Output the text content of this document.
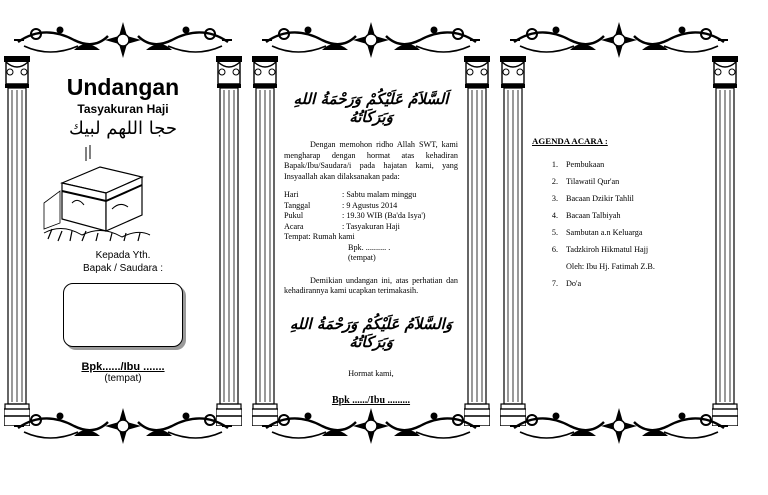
Undangan
Tasyakuran Haji
حجا اللهم لبيك
Kepada Yth.
Bapak / Saudara :
Bpk....../Ibu .......
(tempat)
اَلسَّلاَمُ عَلَيْكُمْ وَرَحْمَةُ اللهِ وَبَرَكَاتُهُ

Dengan memohon ridho Allah SWT, kami mengharap dengan hormat atas kehadiran Bapak/Ibu/Saudara/i pada hajatan kami, yang Insyaallah akan dilaksanakan pada:

Hari	: Sabtu malam minggu
Tanggal	: 9 Agustus 2014
Pukul	: 19.30 WIB (Ba'da Isya')
Acara	: Tasyakuran Haji
Tempat: Rumah kami
Bpk. .......... .
(tempat)

Demikian undangan ini, atas perhatian dan kehadirannya kami ucapkan terimakasih.

وَالسَّلاَمُ عَلَيْكُمْ وَرَحْمَةُ اللهِ وَبَرَكَاتُهُ
Hormat kami,
Bpk ....../Ibu .........
AGENDA ACARA :
1. Pembukaan
2. Tilawatil Qur'an
3. Bacaan Dzikir Tahlil
4. Bacaan Talbiyah
5. Sambutan a.n Keluarga
6. Tadzkiroh Hikmatul Hajj
Oleh: Ibu Hj. Fatimah Z.B.
7. Do'a
